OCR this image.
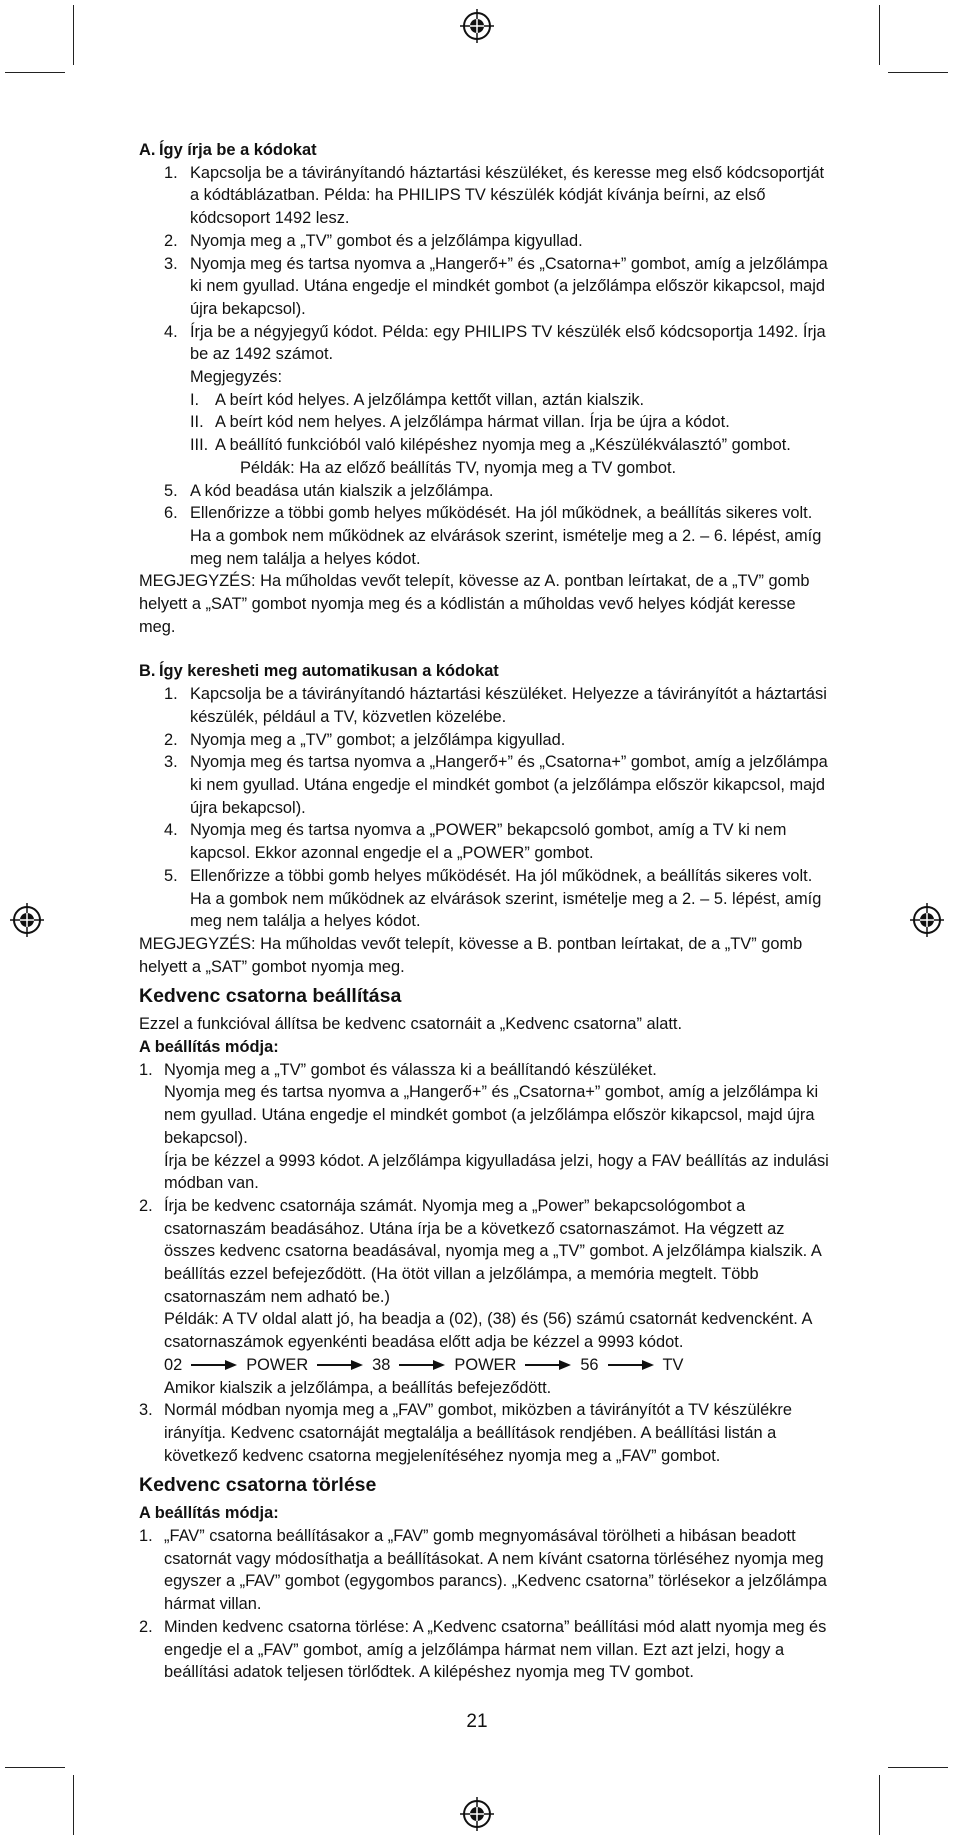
A. Így írja be a kódokat

1. Kapcsolja be a távirányítandó háztartási készüléket, és keresse meg első kódcsoportját a kódtáblázatban. Példa: ha PHILIPS TV készülék kódját kívánja beírni, az első kódcsoport 1492 lesz.
2. Nyomja meg a „TV” gombot és a jelzőlámpa kigyullad.
3. Nyomja meg és tartsa nyomva a „Hangerő+” és „Csatorna+” gombot, amíg a jelzőlámpa ki nem gyullad. Utána engedje el mindkét gombot (a jelzőlámpa először kikapcsol, majd újra bekapcsol).
4. Írja be a négyjegyű kódot. Példa: egy PHILIPS TV készülék első kódcsoportja 1492. Írja be az 1492 számot.
Megjegyzés:
I. A beírt kód helyes. A jelzőlámpa kettőt villan, aztán kialszik.
II. A beírt kód nem helyes. A jelzőlámpa hármat villan. Írja be újra a kódot.
III. A beállító funkcióból való kilépéshez nyomja meg a „Készülékválasztó” gombot.
Példák: Ha az előző beállítás TV, nyomja meg a TV gombot.
5. A kód beadása után kialszik a jelzőlámpa.
6. Ellenőrizze a többi gomb helyes működését. Ha jól működnek, a beállítás sikeres volt. Ha a gombok nem működnek az elvárások szerint, ismételje meg a 2. – 6. lépést, amíg meg nem találja a helyes kódot.

MEGJEGYZÉS: Ha műholdas vevőt telepít, kövesse az A. pontban leírtakat, de a „TV” gomb helyett a „SAT” gombot nyomja meg és a kódlistán a műholdas vevő helyes kódját keresse meg.

B. Így keresheti meg automatikusan a kódokat

1. Kapcsolja be a távirányítandó háztartási készüléket. Helyezze a távirányítót a háztartási készülék, például a TV, közvetlen közelébe.
2. Nyomja meg a „TV” gombot; a jelzőlámpa kigyullad.
3. Nyomja meg és tartsa nyomva a „Hangerő+” és „Csatorna+” gombot, amíg a jelzőlámpa ki nem gyullad. Utána engedje el mindkét gombot (a jelzőlámpa először kikapcsol, majd újra bekapcsol).
4. Nyomja meg és tartsa nyomva a „POWER” bekapcsoló gombot, amíg a TV ki nem kapcsol. Ekkor azonnal engedje el a „POWER” gombot.
5. Ellenőrizze a többi gomb helyes működését. Ha jól működnek, a beállítás sikeres volt. Ha a gombok nem működnek az elvárások szerint, ismételje meg a 2. – 5. lépést, amíg meg nem találja a helyes kódot.

MEGJEGYZÉS: Ha műholdas vevőt telepít, kövesse a B. pontban leírtakat, de a „TV” gomb helyett a „SAT” gombot nyomja meg.

Kedvenc csatorna beállítása
Ezzel a funkcióval állítsa be kedvenc csatornáit a „Kedvenc csatorna” alatt.
A beállítás módja:
1. Nyomja meg a „TV” gombot és válassza ki a beállítandó készüléket.
Nyomja meg és tartsa nyomva a „Hangerő+” és „Csatorna+” gombot, amíg a jelzőlámpa ki nem gyullad. Utána engedje el mindkét gombot (a jelzőlámpa először kikapcsol, majd újra bekapcsol).
Írja be kézzel a 9993 kódot. A jelzőlámpa kigyulladása jelzi, hogy a FAV beállítás az indulási módban van.
2. Írja be kedvenc csatornája számát. Nyomja meg a „Power” bekapcsológombot a csatornaszám beadásához. Utána írja be a következő csatornaszámot. Ha végzett az összes kedvenc csatorna beadásával, nyomja meg a „TV” gombot. A jelzőlámpa kialszik. A beállítás ezzel befejeződött. (Ha ötöt villan a jelzőlámpa, a memória megtelt. Több csatornaszám nem adható be.)
Példák: A TV oldal alatt jó, ha beadja a (02), (38) és (56) számú csatornát kedvencként. A csatornaszámok egyenkénti beadása előtt adja be kézzel a 9993 kódot.
02	POWER	38	POWER	56	TV
Amikor kialszik a jelzőlámpa, a beállítás befejeződött.
3. Normál módban nyomja meg a „FAV” gombot, miközben a távirányítót a TV készülékre irányítja. Kedvenc csatornáját megtalálja a beállítások rendjében. A beállítási listán a következő kedvenc csatorna megjelenítéséhez nyomja meg a „FAV” gombot.
Kedvenc csatorna törlése
A beállítás módja:
1. „FAV” csatorna beállításakor a „FAV” gomb megnyomásával törölheti a hibásan beadott csatornát vagy módosíthatja a beállításokat. A nem kívánt csatorna törléséhez nyomja meg egyszer a „FAV” gombot (egygombos parancs). „Kedvenc csatorna” törlésekor a jelzőlámpa hármat villan.
2. Minden kedvenc csatorna törlése: A „Kedvenc csatorna” beállítási mód alatt nyomja meg és engedje el a „FAV” gombot, amíg a jelzőlámpa hármat nem villan. Ezt azt jelzi, hogy a beállítási adatok teljesen törlődtek. A kilépéshez nyomja meg TV gombot.
21
